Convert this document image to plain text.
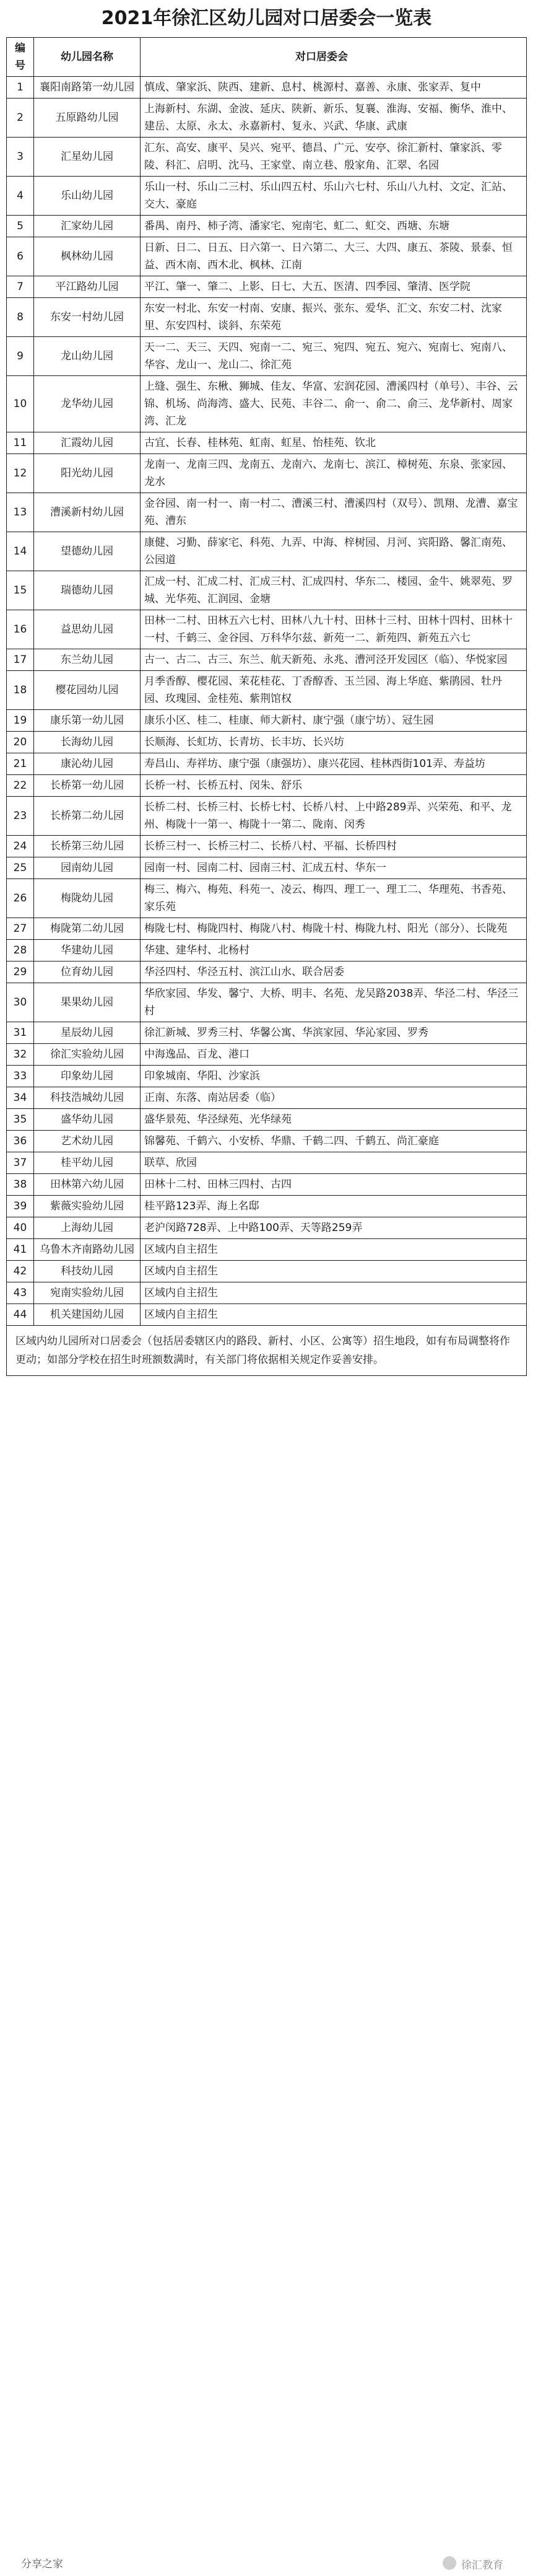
2021年徐汇区幼儿园对口居委会一览表
编号	幼儿园名称	对口居委会
1	襄阳南路第一幼儿园	慎成、肇家浜、陕西、建新、息村、桃源村、嘉善、永康、张家弄、复中
2	五原路幼儿园	上海新村、东湖、金波、延庆、陕新、新乐、复襄、淮海、安福、衡华、淮中、建岳、太原、永太、永嘉新村、复永、兴武、华康、武康
3	汇星幼儿园	汇东、高安、康平、吴兴、宛平、德昌、广元、安亭、徐汇新村、肇家浜、零陵、科汇、启明、沈马、王家堂、南立巷、殷家角、汇翠、名园
4	乐山幼儿园	乐山一村、乐山二三村、乐山四五村、乐山六七村、乐山八九村、文定、汇站、交大、豪庭
5	汇家幼儿园	番禺、南丹、柿子湾、潘家宅、宛南宅、虹二、虹交、西塘、东塘
6	枫林幼儿园	日新、日二、日五、日六第一、日六第二、大三、大四、康五、茶陵、景泰、恒益、西木南、西木北、枫林、江南
7	平江路幼儿园	平江、肇一、肇二、上影、日七、大五、医清、四季园、肇清、医学院
8	东安一村幼儿园	东安一村北、东安一村南、安康、振兴、张东、爱华、汇文、东安二村、沈家里、东安四村、谈斜、东荣苑
9	龙山幼儿园	天一二、天三、天四、宛南一二、宛三、宛四、宛五、宛六、宛南七、宛南八、华容、龙山一、龙山二、徐汇苑
10	龙华幼儿园	上缝、强生、东楸、狮城、佳友、华富、宏润花园、漕溪四村（单号）、丰谷、云锦、机场、尚海湾、盛大、民苑、丰谷二、俞一、俞二、俞三、龙华新村、周家湾、汇龙
11	汇霞幼儿园	古宜、长春、桂林苑、虹南、虹星、怡桂苑、钦北
12	阳光幼儿园	龙南一、龙南三四、龙南五、龙南六、龙南七、滨江、樟树苑、东泉、张家园、龙水
13	漕溪新村幼儿园	金谷园、南一村一、南一村二、漕溪三村、漕溪四村（双号）、凯翔、龙漕、嘉宝苑、漕东
14	望德幼儿园	康健、习勤、薛家宅、科苑、九弄、中海、梓树园、月河、宾阳路、馨汇南苑、公园道
15	瑞德幼儿园	汇成一村、汇成二村、汇成三村、汇成四村、华东二、楼园、金牛、姚翠苑、罗城、光华苑、汇润园、金塘
16	益思幼儿园	田林一二村、田林五六七村、田林八九十村、田林十三村、田林十四村、田林十一村、千鹤三、金谷园、万科华尔兹、新苑一二、新苑四、新苑五六七
17	东兰幼儿园	古一、古二、古三、东兰、航天新苑、永兆、漕河泾开发园区（临）、华悦家园
18	樱花园幼儿园	月季香醇、樱花园、茉花桂花、丁香醇香、玉兰园、海上华庭、紫鹃园、牡丹园、玫瑰园、金桂苑、紫荆馆权
19	康乐第一幼儿园	康乐小区、桂二、桂康、师大新村、康宁强（康宁坊）、冠生园
20	长海幼儿园	长顺海、长虹坊、长青坊、长丰坊、长兴坊
21	康沁幼儿园	寿昌山、寿祥坊、康宁强（康强坊）、康兴花园、桂林西街101弄、寿益坊
22	长桥第一幼儿园	长桥一村、长桥五村、闵朱、舒乐
23	长桥第二幼儿园	长桥二村、长桥三村、长桥七村、长桥八村、上中路289弄、兴荣苑、和平、龙州、梅陇十一第一、梅陇十一第二、陇南、闵秀
24	长桥第三幼儿园	长桥三村一、长桥三村二、长桥八村、平福、长桥四村
25	园南幼儿园	园南一村、园南二村、园南三村、汇成五村、华东一
26	梅陇幼儿园	梅三、梅六、梅苑、科苑一、凌云、梅四、理工一、理工二、华理苑、书香苑、家乐苑
27	梅陇第二幼儿园	梅陇七村、梅陇四村、梅陇八村、梅陇十村、梅陇九村、阳光（部分）、长陇苑
28	华建幼儿园	华建、建华村、北杨村
29	位育幼儿园	华泾四村、华泾五村、滨江山水、联合居委
30	果果幼儿园	华欣家园、华发、馨宁、大桥、明丰、名苑、龙吴路2038弄、华泾二村、华泾三村
31	星辰幼儿园	徐汇新城、罗秀三村、华馨公寓、华滨家园、华沁家园、罗秀
32	徐汇实验幼儿园	中海逸品、百龙、港口
33	印象幼儿园	印象城南、华阳、沙家浜
34	科技浩城幼儿园	正南、东落、南站居委（临）
35	盛华幼儿园	盛华景苑、华泾绿苑、光华绿苑
36	艺术幼儿园	锦馨苑、千鹤六、小安桥、华鼎、千鹤二四、千鹤五、尚汇豪庭
37	桂平幼儿园	联草、欣园
38	田林第六幼儿园	田林十二村、田林三四村、古四
39	紫薇实验幼儿园	桂平路123弄、海上名邸
40	上海幼儿园	老沪闵路728弄、上中路100弄、天等路259弄
41	乌鲁木齐南路幼儿园	区域内自主招生
42	科技幼儿园	区域内自主招生
43	宛南实验幼儿园	区域内自主招生
44	机关建国幼儿园	区域内自主招生
区域内幼儿园所对口居委会（包括居委辖区内的路段、新村、小区、公寓等）招生地段，如有布局调整将作更动；如部分学校在招生时班额数满时，有关部门将依据相关规定作妥善安排。		
分享之家	徐汇教育
